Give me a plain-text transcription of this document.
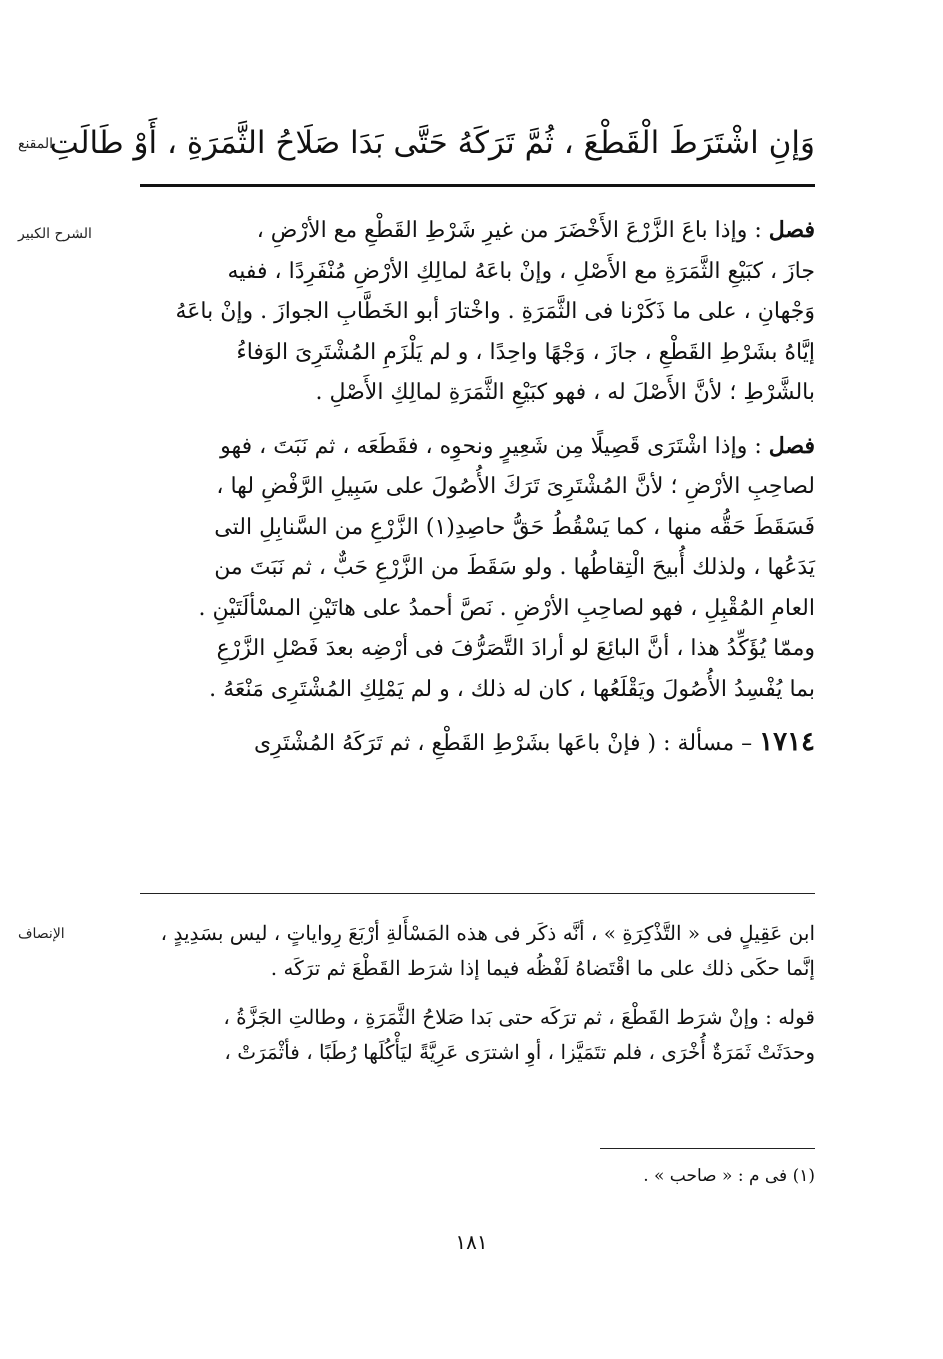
المقنع
وَإنِ اشْتَرَطَ الْقَطْعَ ، ثُمَّ تَرَكَهُ حَتَّى بَدَا صَلَاحُ الثَّمَرَةِ ، أَوْ طَالَتِ
الشرح الكبير	فصل : وإذا باعَ الزَّرْعَ الأَخْضَرَ من غيرِ شَرْطِ القَطْعِ مع الأرْضِ ،
جازَ ، كبَيْعِ الثَّمَرَةِ مع الأَصْلِ ، وإنْ باعَهُ لمالِكِ الأرْضِ مُنْفَرِدًا ، ففيه
وَجْهانِ ، على ما ذَكَرْنا فى الثَّمَرَةِ . واخْتارَ أبو الخَطَّابِ الجوازَ . وإنْ باعَهُ
إيَّاهُ بشَرْطِ القَطْعِ ، جازَ ، وَجْهًا واحِدًا ، و لم يَلْزَمِ المُشْتَرِىَ الوَفاءُ
بالشَّرْطِ ؛ لأنَّ الأَصْلَ له ، فهو كبَيْعِ الثَّمَرَةِ لمالِكِ الأَصْلِ .
فصل : وإذا اشْتَرَى قَصِيلًا مِن شَعِيرٍ ونحوِه ، فقَطَعَه ، ثم نَبَتَ ، فهو
لصاحِبِ الأرْضِ ؛ لأنَّ المُشْتَرِىَ تَرَكَ الأُصُولَ على سَبِيلِ الرَّفْضِ لها ،
فَسَقَطَ حَقُّه منها ، كما يَسْقُطُ حَقُّ حاصِدِ(١) الزَّرْعِ من السَّنابِلِ التى
يَدَعُها ، ولذلك أُبيحَ الْتِقاطُها . ولو سَقَطَ من الزَّرْعِ حَبٌّ ، ثم نَبَتَ من
العامِ المُقْبِلِ ، فهو لصاحِبِ الأرْضِ . نَصَّ أحمدُ على هاتَيْنِ المسْألَتَيْنِ .
وممّا يُؤَكِّدُ هذا ، أنَّ البائِعَ لو أرادَ التَّصَرُّفَ فى أرْضِه بعدَ فَصْلِ الزَّرْعِ
بما يُفْسِدُ الأُصُولَ ويَقْلَعُها ، كان له ذلك ، و لم يَمْلِكِ المُشْتَرِى مَنْعَهُ .
١٧١٤ – مسألة : ( فإنْ باعَها بشَرْطِ القَطْعِ ، ثم تَرَكَهُ المُشْتَرِى
الإنصاف	ابن عَقِيلٍ فى « التَّذْكِرَةِ » ، أنَّه ذكَر فى هذه المَسْأَلةِ أرْبَعَ رِواياتٍ ، ليس بسَدِيدٍ ،
إنَّما حكَى ذلك على ما اقْتَضاهُ لَفْظُه فيما إذا شرَط القَطْعَ ثم ترَكَه .
قوله : وإنْ شرَط القَطْعَ ، ثم ترَكَه حتى بَدا صَلاحُ الثَّمَرَةِ ، وطالتِ الجَزَّةُ ،
وحدَثَتْ ثَمَرَةٌ أُخْرَى ، فلم تتَمَيَّزا ، أوِ اشترَى عَرِيَّةً ليَأْكُلَها رُطَبًا ، فأثْمَرَتْ ،
(١) فى م : « صاحب » .
١٨١
